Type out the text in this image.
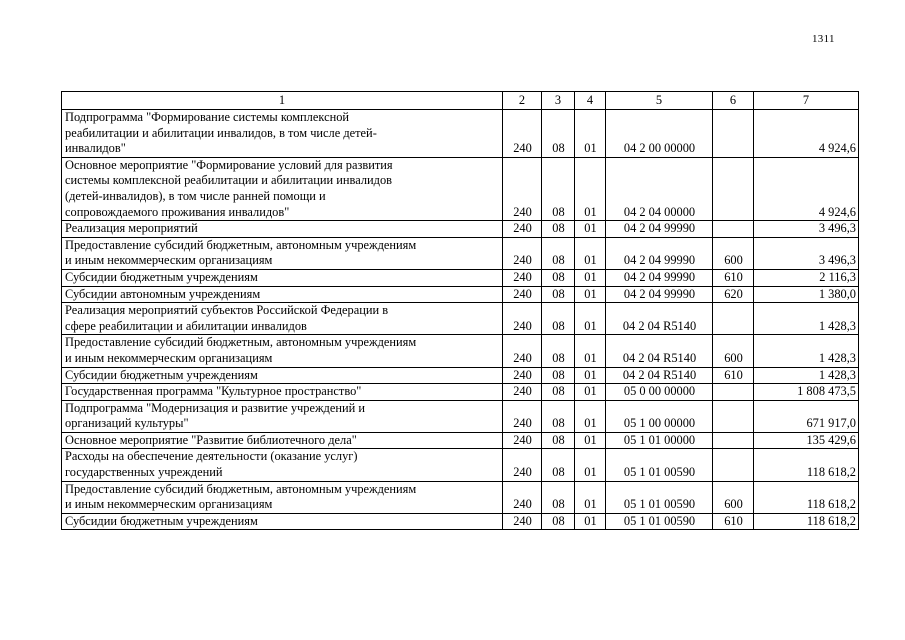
1311
1	2	3	4	5	6	7
Подпрограмма "Формирование системы комплексной
реабилитации и абилитации инвалидов, в том числе детей-
инвалидов"	240	08	01	04 2 00 00000		4 924,6
Основное мероприятие "Формирование условий для развития
системы комплексной реабилитации и абилитации инвалидов
(детей-инвалидов), в том числе ранней помощи и
сопровождаемого проживания инвалидов"	240	08	01	04 2 04 00000		4 924,6
Реализация мероприятий	240	08	01	04 2 04 99990		3 496,3
Предоставление субсидий бюджетным, автономным учреждениям
и иным некоммерческим организациям	240	08	01	04 2 04 99990	600	3 496,3
Субсидии бюджетным учреждениям	240	08	01	04 2 04 99990	610	2 116,3
Субсидии автономным учреждениям	240	08	01	04 2 04 99990	620	1 380,0
Реализация мероприятий субъектов Российской Федерации в
сфере реабилитации и абилитации инвалидов	240	08	01	04 2 04 R5140		1 428,3
Предоставление субсидий бюджетным, автономным учреждениям
и иным некоммерческим организациям	240	08	01	04 2 04 R5140	600	1 428,3
Субсидии бюджетным учреждениям	240	08	01	04 2 04 R5140	610	1 428,3
Государственная программа "Культурное пространство"	240	08	01	05 0 00 00000		1 808 473,5
Подпрограмма "Модернизация и развитие учреждений и
организаций культуры"	240	08	01	05 1 00 00000		671 917,0
Основное мероприятие "Развитие библиотечного дела"	240	08	01	05 1 01 00000		135 429,6
Расходы на обеспечение деятельности (оказание услуг)
государственных учреждений	240	08	01	05 1 01 00590		118 618,2
Предоставление субсидий бюджетным, автономным учреждениям
и иным некоммерческим организациям	240	08	01	05 1 01 00590	600	118 618,2
Субсидии бюджетным учреждениям	240	08	01	05 1 01 00590	610	118 618,2
